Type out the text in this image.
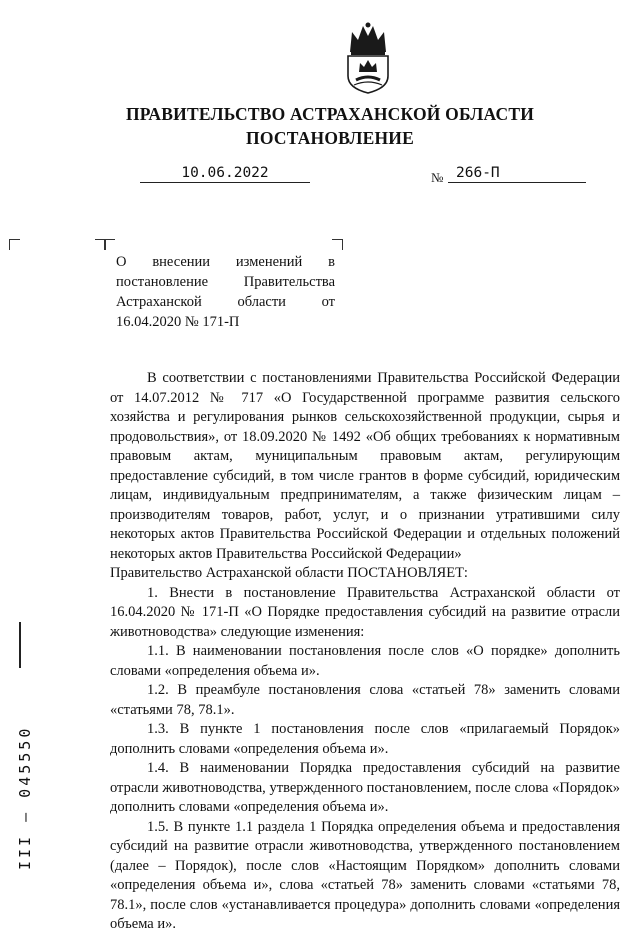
ПРАВИТЕЛЬСТВО АСТРАХАНСКОЙ ОБЛАСТИ
ПОСТАНОВЛЕНИЕ
10.06.2022	№ 266-П
О внесении изменений в постановление Правительства Астраханской области от 16.04.2020 № 171-П

В соответствии с постановлениями Правительства Российской Федерации от 14.07.2012 № 717 «О Государственной программе развития сельского хозяйства и регулирования рынков сельскохозяйственной продукции, сырья и продовольствия», от 18.09.2020 № 1492 «Об общих требованиях к нормативным правовым актам, муниципальным правовым актам, регулирующим предоставление субсидий, в том числе грантов в форме субсидий, юридическим лицам, индивидуальным предпринимателям, а также физическим лицам – производителям товаров, работ, услуг, и о признании утратившими силу некоторых актов Правительства Российской Федерации и отдельных положений некоторых актов Правительства Российской Федерации»

Правительство Астраханской области ПОСТАНОВЛЯЕТ:

1. Внести в постановление Правительства Астраханской области от 16.04.2020 № 171-П «О Порядке предоставления субсидий на развитие отрасли животноводства» следующие изменения:

1.1. В наименовании постановления после слов «О порядке» дополнить словами «определения объема и».

1.2. В преамбуле постановления слова «статьей 78» заменить словами «статьями 78, 78.1».

1.3. В пункте 1 постановления после слов «прилагаемый Порядок» дополнить словами «определения объема и».

1.4. В наименовании Порядка предоставления субсидий на развитие отрасли животноводства, утвержденного постановлением, после слова «Порядок» дополнить словами «определения объема и».

1.5. В пункте 1.1 раздела 1 Порядка определения объема и предоставления субсидий на развитие отрасли животноводства, утвержденного постановлением (далее – Порядок), после слов «Настоящим Порядком» дополнить словами «определения объема и», слова «статьей 78» заменить словами «статьями 78, 78.1», после слов «устанавливается процедура» дополнить словами «определения объема и».

III – 045550
